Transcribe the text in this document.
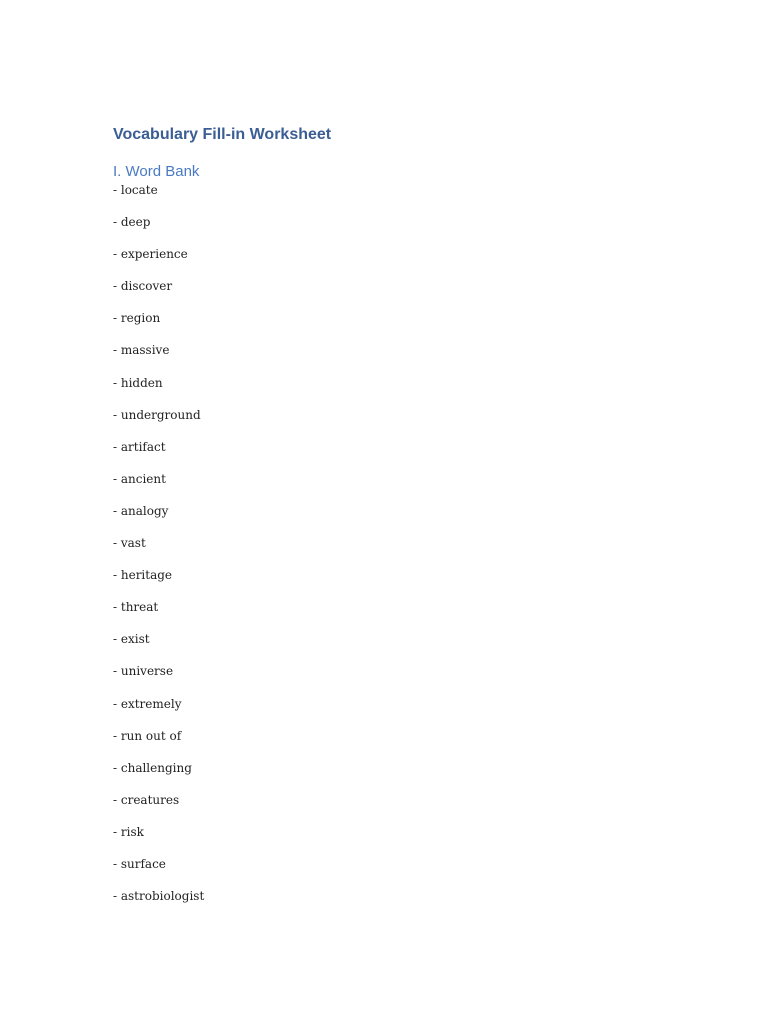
Vocabulary Fill-in Worksheet
I. Word Bank
- locate
- deep
- experience
- discover
- region
- massive
- hidden
- underground
- artifact
- ancient
- analogy
- vast
- heritage
- threat
- exist
- universe
- extremely
- run out of
- challenging
- creatures
- risk
- surface
- astrobiologist
